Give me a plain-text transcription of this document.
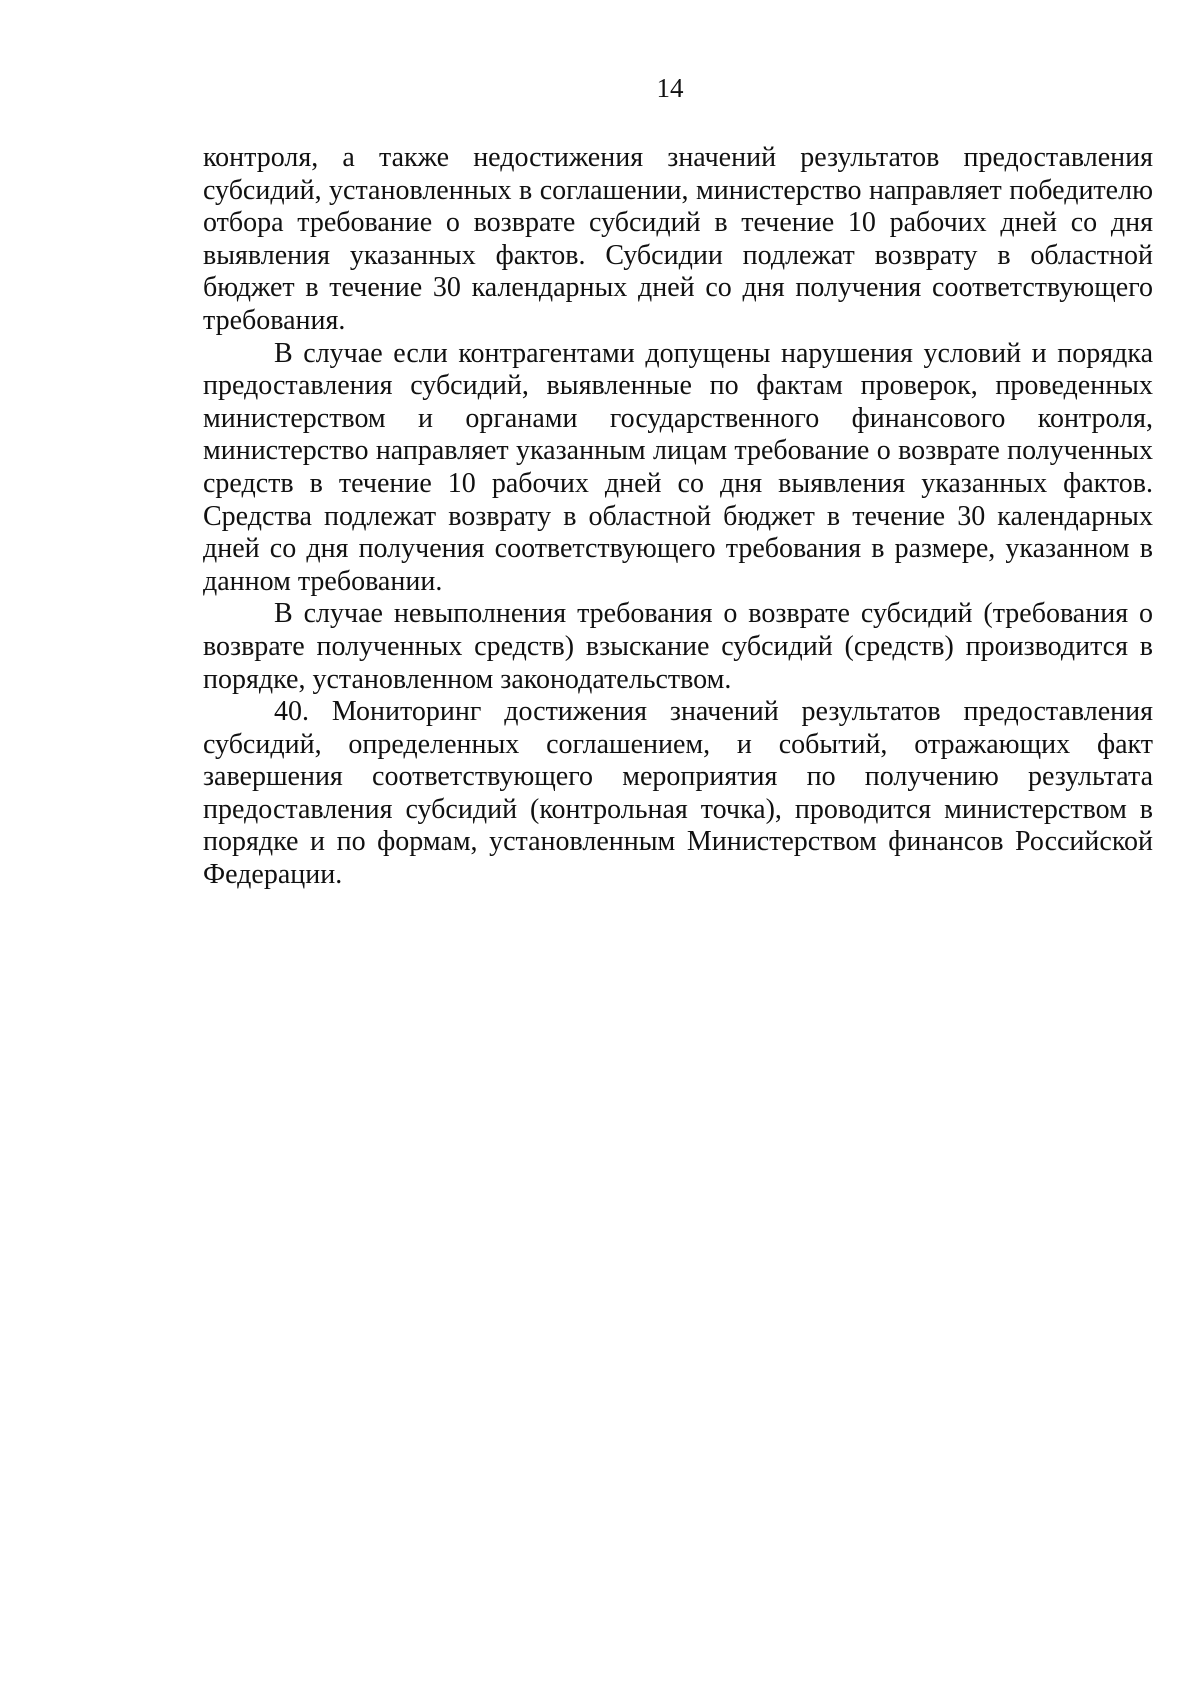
14

контроля, а также недостижения значений результатов предоставления субсидий, установленных в соглашении, министерство направляет победителю отбора требование о возврате субсидий в течение 10 рабочих дней со дня выявления указанных фактов. Субсидии подлежат возврату в областной бюджет в течение 30 календарных дней со дня получения соответствующего требования.

В случае если контрагентами допущены нарушения условий и порядка предоставления субсидий, выявленные по фактам проверок, проведенных министерством и органами государственного финансового контроля, министерство направляет указанным лицам требование о возврате полученных средств в течение 10 рабочих дней со дня выявления указанных фактов. Средства подлежат возврату в областной бюджет в течение 30 календарных дней со дня получения соответствующего требования в размере, указанном в данном требовании.

В случае невыполнения требования о возврате субсидий (требования о возврате полученных средств) взыскание субсидий (средств) производится в порядке, установленном законодательством.

40. Мониторинг достижения значений результатов предоставления субсидий, определенных соглашением, и событий, отражающих факт завершения соответствующего мероприятия по получению результата предоставления субсидий (контрольная точка), проводится министерством в порядке и по формам, установленным Министерством финансов Российской Федерации.
